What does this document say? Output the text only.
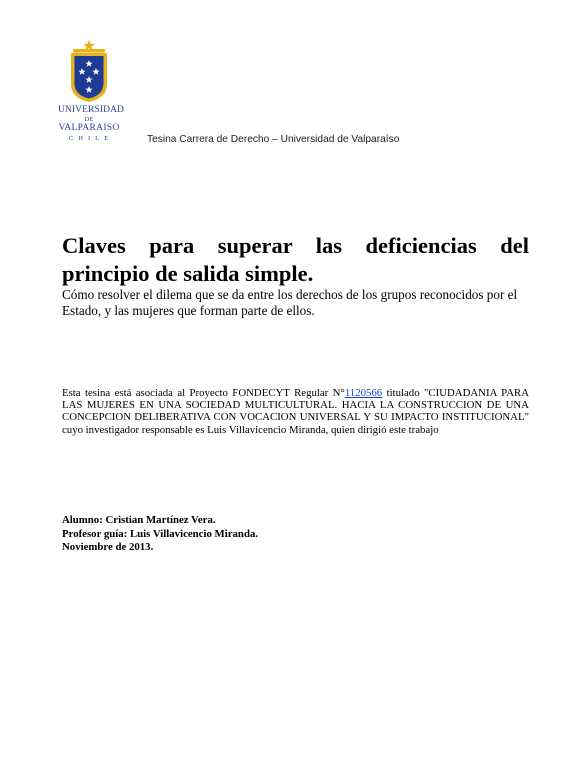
UNIVERSIDAD
DE
VALPARAISO
CHILE	Tesina Carrera de Derecho – Universidad de Valparaíso
Claves para superar las deficiencias del principio de salida simple.

Cómo resolver el dilema que se da entre los derechos de los grupos reconocidos por el Estado, y las mujeres que forman parte de ellos.

Esta tesina está asociada al Proyecto FONDECYT Regular N°1120566 titulado "CIUDADANIA PARA LAS MUJERES EN UNA SOCIEDAD MULTICULTURAL. HACIA LA CONSTRUCCION DE UNA CONCEPCION DELIBERATIVA CON VOCACION UNIVERSAL Y SU IMPACTO INSTITUCIONAL" cuyo investigador responsable es Luis Villavicencio Miranda, quien dirigió este trabajo

Alumno: Cristian Martínez Vera.
Profesor guía: Luis Villavicencio Miranda.
Noviembre de 2013.
